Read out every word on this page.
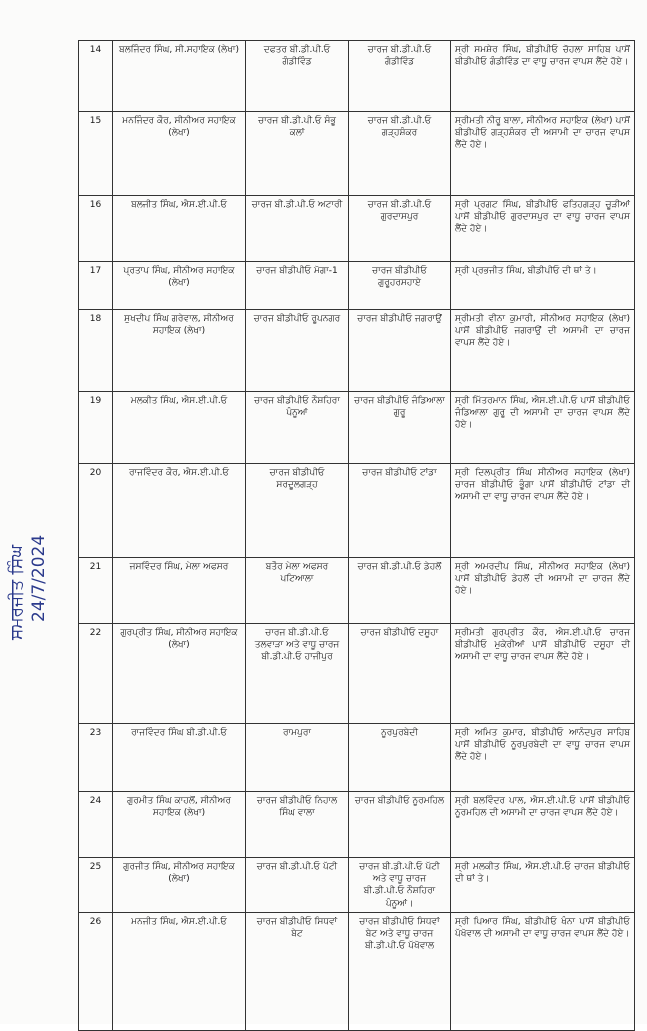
ਸਮਰਜੀਤ ਸਿੰਘ 24/7/2024
14	ਬਲਜਿੰਦਰ ਸਿੰਘ, ਸੀ.ਸਹਾਇਕ (ਲੇਖਾ)	ਦਫਤਰ ਬੀ.ਡੀ.ਪੀ.ਓ ਗੰਡੀਵਿੰਡ	ਚਾਰਜ ਬੀ.ਡੀ.ਪੀ.ਓ ਗੰਡੀਵਿੰਡ	ਸ੍ਰੀ ਸਮਸ਼ੇਰ ਸਿੰਘ, ਬੀਡੀਪੀਓ ਚੋਹਲਾ ਸਾਹਿਬ ਪਾਸੋਂ ਬੀਡੀਪੀਓ ਗੰਡੀਵਿੰਡ ਦਾ ਵਾਧੂ ਚਾਰਜ ਵਾਪਸ ਲੈਂਦੇ ਹੋਏ।
15	ਮਨਜਿੰਦਰ ਕੌਰ, ਸੀਨੀਅਰ ਸਹਾਇਕ (ਲੇਖਾ)	ਚਾਰਜ ਬੀ.ਡੀ.ਪੀ.ਓ ਸੰਭੂ ਕਲਾਂ	ਚਾਰਜ ਬੀ.ਡੀ.ਪੀ.ਓ ਗੜ੍ਹਸ਼ੰਕਰ	ਸ੍ਰੀਮਤੀ ਨੀਰੂ ਬਾਲਾ, ਸੀਨੀਅਰ ਸਹਾਇਕ (ਲੇਖਾ) ਪਾਸੋਂ ਬੀਡੀਪੀਓ ਗੜ੍ਹਸ਼ੰਕਰ ਦੀ ਅਸਾਮੀ ਦਾ ਚਾਰਜ ਵਾਪਸ ਲੈਂਦੇ ਹੋਏ।
16	ਬਲਜੀਤ ਸਿੰਘ, ਐਸ.ਈ.ਪੀ.ਓ	ਚਾਰਜ ਬੀ.ਡੀ.ਪੀ.ਓ ਅਟਾਰੀ	ਚਾਰਜ ਬੀ.ਡੀ.ਪੀ.ਓ ਗੁਰਦਾਸਪੁਰ	ਸ੍ਰੀ ਪ੍ਰਗਟ ਸਿੰਘ, ਬੀਡੀਪੀਓ ਫਤਿਹਗੜ੍ਹ ਚੂੜੀਆਂ ਪਾਸੋਂ ਬੀਡੀਪੀਓ ਗੁਰਦਾਸਪੁਰ ਦਾ ਵਾਧੂ ਚਾਰਜ ਵਾਪਸ ਲੈਂਦੇ ਹੋਏ।
17	ਪ੍ਰਤਾਪ ਸਿੰਘ, ਸੀਨੀਅਰ ਸਹਾਇਕ (ਲੇਖਾ)	ਚਾਰਜ ਬੀਡੀਪੀਓ ਮੋਗਾ-1	ਚਾਰਜ ਬੀਡੀਪੀਓ ਗੁਰੂਹਰਸਹਾਏ	ਸ੍ਰੀ ਪ੍ਰਭਜੀਤ ਸਿੰਘ, ਬੀਡੀਪੀਓ ਦੀ ਥਾਂ ਤੇ।
18	ਸੁਖਦੀਪ ਸਿੰਘ ਗਰੇਵਾਲ, ਸੀਨੀਅਰ ਸਹਾਇਕ (ਲੇਖਾ)	ਚਾਰਜ ਬੀਡੀਪੀਓ ਰੂਪਨਗਰ	ਚਾਰਜ ਬੀਡੀਪੀਓ ਜਗਰਾਉਂ	ਸ੍ਰੀਮਤੀ ਵੀਨਾ ਕੁਮਾਰੀ, ਸੀਨੀਅਰ ਸਹਾਇਕ (ਲੇਖਾ) ਪਾਸੋਂ ਬੀਡੀਪੀਓ ਜਗਰਾਉਂ ਦੀ ਅਸਾਮੀ ਦਾ ਚਾਰਜ ਵਾਪਸ ਲੈਂਦੇ ਹੋਏ।
19	ਮਲਕੀਤ ਸਿੰਘ, ਐਸ.ਈ.ਪੀ.ਓ	ਚਾਰਜ ਬੀਡੀਪੀਓ ਨੌਸ਼ਹਿਰਾ ਪੰਨੂਆਂ	ਚਾਰਜ ਬੀਡੀਪੀਓ ਜੰਡਿਆਲਾ ਗੁਰੂ	ਸ੍ਰੀ ਮਿੱਤਰਮਾਨ ਸਿੰਘ, ਐਸ.ਈ.ਪੀ.ਓ ਪਾਸੋਂ ਬੀਡੀਪੀਓ ਜੰਡਿਆਲਾ ਗੁਰੂ ਦੀ ਅਸਾਮੀ ਦਾ ਚਾਰਜ ਵਾਪਸ ਲੈਂਦੇ ਹੋਏ।
20	ਰਾਜਵਿੰਦਰ ਕੌਰ, ਐਸ.ਈ.ਪੀ.ਓ	ਚਾਰਜ ਬੀਡੀਪੀਓ ਸਰਦੂਲਗੜ੍ਹ	ਚਾਰਜ ਬੀਡੀਪੀਓ ਟਾਂਡਾ	ਸ੍ਰੀ ਦਿਲਪ੍ਰੀਤ ਸਿੰਘ ਸੀਨੀਅਰ ਸਹਾਇਕ (ਲੇਖਾ) ਚਾਰਜ ਬੀਡੀਪੀਓ ਭੂੰਗਾ ਪਾਸੋਂ ਬੀਡੀਪੀਓ ਟਾਂਡਾ ਦੀ ਅਸਾਮੀ ਦਾ ਵਾਧੂ ਚਾਰਜ ਵਾਪਸ ਲੈਂਦੇ ਹੋਏ।
21	ਜਸਵਿੰਦਰ ਸਿੰਘ, ਮੇਲਾ ਅਫਸਰ	ਬਤੌਰ ਮੇਲਾ ਅਫਸਰ ਪਟਿਆਲਾ	ਚਾਰਜ ਬੀ.ਡੀ.ਪੀ.ਓ ਡੇਹਲੋਂ	ਸ੍ਰੀ ਅਮਰਦੀਪ ਸਿੰਘ, ਸੀਨੀਅਰ ਸਹਾਇਕ (ਲੇਖਾ) ਪਾਸੋਂ ਬੀਡੀਪੀਓ ਡੇਹਲੋਂ ਦੀ ਅਸਾਮੀ ਦਾ ਚਾਰਜ ਲੈਂਦੇ ਹੋਏ।
22	ਗੁਰਪ੍ਰੀਤ ਸਿੰਘ, ਸੀਨੀਅਰ ਸਹਾਇਕ (ਲੇਖਾ)	ਚਾਰਜ ਬੀ.ਡੀ.ਪੀ.ਓ ਤਲਵਾੜਾ ਅਤੇ ਵਾਧੂ ਚਾਰਜ ਬੀ.ਡੀ.ਪੀ.ਓ ਹਾਜੀਪੁਰ	ਚਾਰਜ ਬੀਡੀਪੀਓ ਦਸੂਹਾ	ਸ੍ਰੀਮਤੀ ਗੁਰਪ੍ਰੀਤ ਕੌਰ, ਐਸ.ਈ.ਪੀ.ਓ ਚਾਰਜ ਬੀਡੀਪੀਓ ਮੁਕੇਰੀਆਂ ਪਾਸੋਂ ਬੀਡੀਪੀਓ ਦਸੂਹਾ ਦੀ ਅਸਾਮੀ ਦਾ ਵਾਧੂ ਚਾਰਜ ਵਾਪਸ ਲੈਂਦੇ ਹੋਏ।
23	ਰਾਜਵਿੰਦਰ ਸਿੰਘ ਬੀ.ਡੀ.ਪੀ.ਓ	ਰਾਮਪੁਰਾ	ਨੂਰਪੁਰਬੇਦੀ	ਸ੍ਰੀ ਅਮਿਤ ਕੁਮਾਰ, ਬੀਡੀਪੀਓ ਆਨੰਦਪੁਰ ਸਾਹਿਬ ਪਾਸੋਂ ਬੀਡੀਪੀਓ ਨੂਰਪੁਰਬੇਦੀ ਦਾ ਵਾਧੂ ਚਾਰਜ ਵਾਪਸ ਲੈਂਦੇ ਹੋਏ।
24	ਗੁਰਮੀਤ ਸਿੰਘ ਕਾਹਲੋਂ, ਸੀਨੀਅਰ ਸਹਾਇਕ (ਲੇਖਾ)	ਚਾਰਜ ਬੀਡੀਪੀਓ ਨਿਹਾਲ ਸਿੰਘ ਵਾਲਾ	ਚਾਰਜ ਬੀਡੀਪੀਓ ਨੂਰਮਹਿਲ	ਸ੍ਰੀ ਬਲਵਿੰਦਰ ਪਾਲ, ਐਸ.ਈ.ਪੀ.ਓ ਪਾਸੋਂ ਬੀਡੀਪੀਓ ਨੂਰਮਹਿਲ ਦੀ ਅਸਾਮੀ ਦਾ ਚਾਰਜ ਵਾਪਸ ਲੈਂਦੇ ਹੋਏ।
25	ਗੁਰਜੀਤ ਸਿੰਘ, ਸੀਨੀਅਰ ਸਹਾਇਕ (ਲੇਖਾ)	ਚਾਰਜ ਬੀ.ਡੀ.ਪੀ.ਓ ਪੱਟੀ	ਚਾਰਜ ਬੀ.ਡੀ.ਪੀ.ਓ ਪੱਟੀ ਅਤੇ ਵਾਧੂ ਚਾਰਜ ਬੀ.ਡੀ.ਪੀ.ਓ ਨੌਸ਼ਹਿਰਾ ਪੰਨੂਆਂ।	ਸ੍ਰੀ ਮਲਕੀਤ ਸਿੰਘ, ਐਸ.ਈ.ਪੀ.ਓ ਚਾਰਜ ਬੀਡੀਪੀਓ ਦੀ ਥਾਂ ਤੇ।
26	ਮਨਜੀਤ ਸਿੰਘ, ਐਸ.ਈ.ਪੀ.ਓ	ਚਾਰਜ ਬੀਡੀਪੀਓ ਸਿਧਵਾਂ ਬੇਟ	ਚਾਰਜ ਬੀਡੀਪੀਓ ਸਿਧਵਾਂ ਬੇਟ ਅਤੇ ਵਾਧੂ ਚਾਰਜ ਬੀ.ਡੀ.ਪੀ.ਓ ਪੱਖੋਵਾਲ	ਸ੍ਰੀ ਪਿਆਰ ਸਿੰਘ, ਬੀਡੀਪੀਓ ਖੰਨਾ ਪਾਸੋਂ ਬੀਡੀਪੀਓ ਪੱਖੋਵਾਲ ਦੀ ਅਸਾਮੀ ਦਾ ਵਾਧੂ ਚਾਰਜ ਵਾਪਸ ਲੈਂਦੇ ਹੋਏ।
